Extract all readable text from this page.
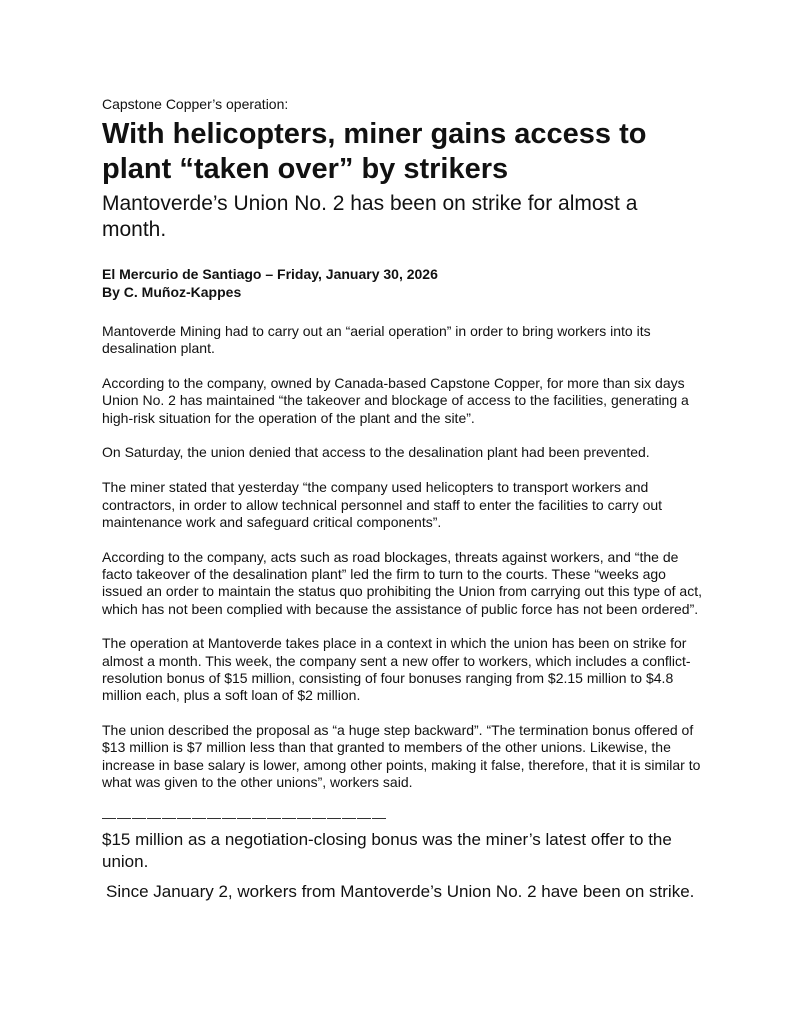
Capstone Copper’s operation:
With helicopters, miner gains access to plant “taken over” by strikers
Mantoverde’s Union No. 2 has been on strike for almost a month.
El Mercurio de Santiago – Friday, January 30, 2026
By C. Muñoz-Kappes

Mantoverde Mining had to carry out an “aerial operation” in order to bring workers into its desalination plant.

According to the company, owned by Canada-based Capstone Copper, for more than six days Union No. 2 has maintained “the takeover and blockage of access to the facilities, generating a high-risk situation for the operation of the plant and the site”.

On Saturday, the union denied that access to the desalination plant had been prevented.

The miner stated that yesterday “the company used helicopters to transport workers and contractors, in order to allow technical personnel and staff to enter the facilities to carry out maintenance work and safeguard critical components”.

According to the company, acts such as road blockages, threats against workers, and “the de facto takeover of the desalination plant” led the firm to turn to the courts. These “weeks ago issued an order to maintain the status quo prohibiting the Union from carrying out this type of act, which has not been complied with because the assistance of public force has not been ordered”.

The operation at Mantoverde takes place in a context in which the union has been on strike for almost a month. This week, the company sent a new offer to workers, which includes a conflict-resolution bonus of $15 million, consisting of four bonuses ranging from $2.15 million to $4.8 million each, plus a soft loan of $2 million.

The union described the proposal as “a huge step backward”. “The termination bonus offered of $13 million is $7 million less than that granted to members of the other unions. Likewise, the increase in base salary is lower, among other points, making it false, therefore, that it is similar to what was given to the other unions”, workers said.

———————————————————
$15 million as a negotiation-closing bonus was the miner’s latest offer to the union.
Since January 2, workers from Mantoverde’s Union No. 2 have been on strike.
